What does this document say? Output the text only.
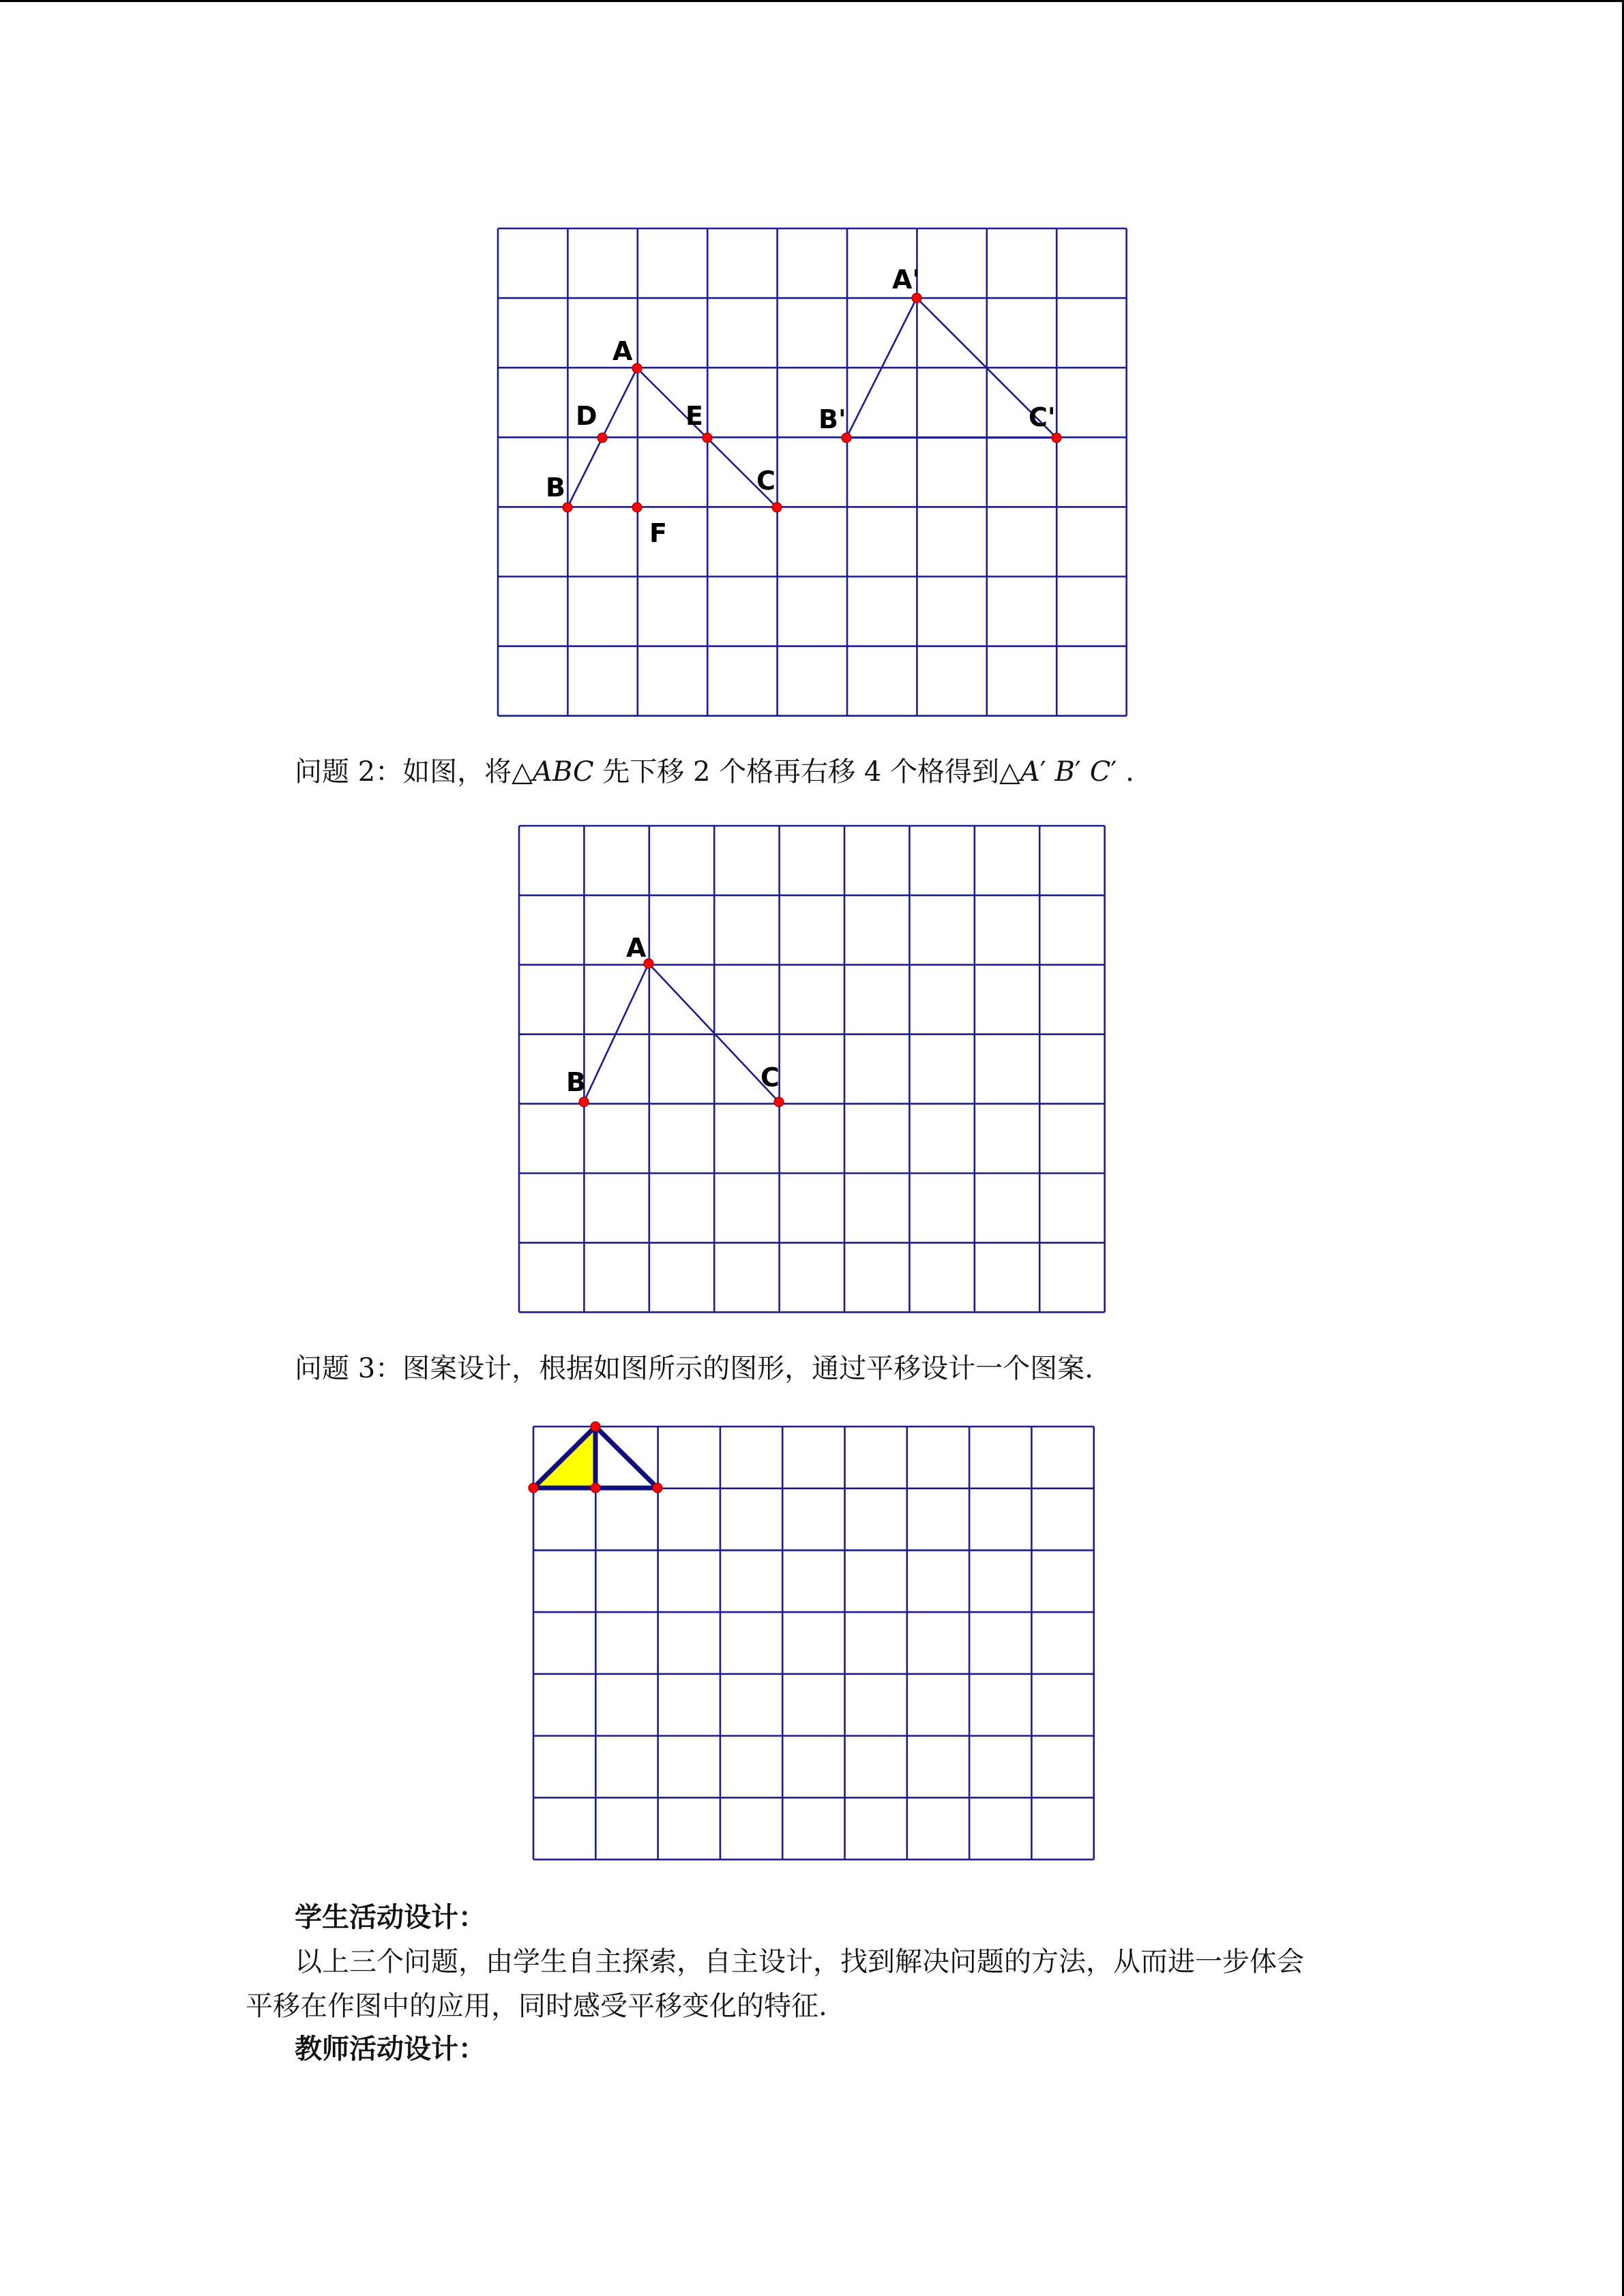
A
B	C
D	E
F
A'
B'	C'

问题 2：如图，将△ABC 先下移 2 个格再右移 4 个格得到△A′ B′ C′ .

A
B	C

问题 3：图案设计，根据如图所示的图形，通过平移设计一个图案.

学生活动设计：

以上三个问题，由学生自主探索，自主设计，找到解决问题的方法，从而进一步体会

平移在作图中的应用，同时感受平移变化的特征.

教师活动设计：
